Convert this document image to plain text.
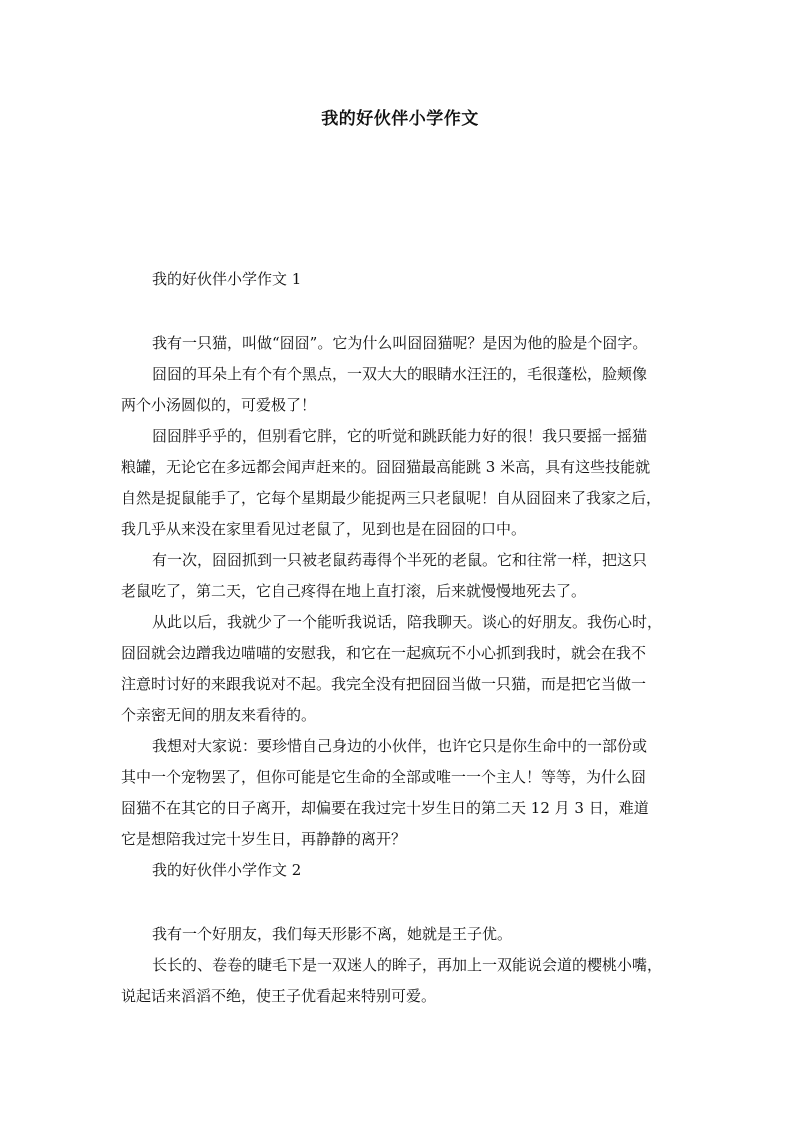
我的好伙伴小学作文
我的好伙伴小学作文 1
我有一只猫，叫做“囧囧”。它为什么叫囧囧猫呢？是因为他的脸是个囧字。
囧囧的耳朵上有个有个黑点，一双大大的眼睛水汪汪的，毛很蓬松，脸颊像
两个小汤圆似的，可爱极了！
囧囧胖乎乎的，但别看它胖，它的听觉和跳跃能力好的很！我只要摇一摇猫
粮罐，无论它在多远都会闻声赶来的。囧囧猫最高能跳 3 米高，具有这些技能就
自然是捉鼠能手了，它每个星期最少能捉两三只老鼠呢！自从囧囧来了我家之后，
我几乎从来没在家里看见过老鼠了，见到也是在囧囧的口中。
有一次，囧囧抓到一只被老鼠药毒得个半死的老鼠。它和往常一样，把这只
老鼠吃了，第二天，它自己疼得在地上直打滚，后来就慢慢地死去了。
从此以后，我就少了一个能听我说话，陪我聊天。谈心的好朋友。我伤心时，
囧囧就会边蹭我边喵喵的安慰我，和它在一起疯玩不小心抓到我时，就会在我不
注意时讨好的来跟我说对不起。我完全没有把囧囧当做一只猫，而是把它当做一
个亲密无间的朋友来看待的。
我想对大家说：要珍惜自己身边的小伙伴，也许它只是你生命中的一部份或
其中一个宠物罢了，但你可能是它生命的全部或唯一一个主人！等等，为什么囧
囧猫不在其它的日子离开，却偏要在我过完十岁生日的第二天 12 月 3 日，难道
它是想陪我过完十岁生日，再静静的离开？
我的好伙伴小学作文 2
我有一个好朋友，我们每天形影不离，她就是王子优。
长长的、卷卷的睫毛下是一双迷人的眸子，再加上一双能说会道的樱桃小嘴，
说起话来滔滔不绝，使王子优看起来特别可爱。
